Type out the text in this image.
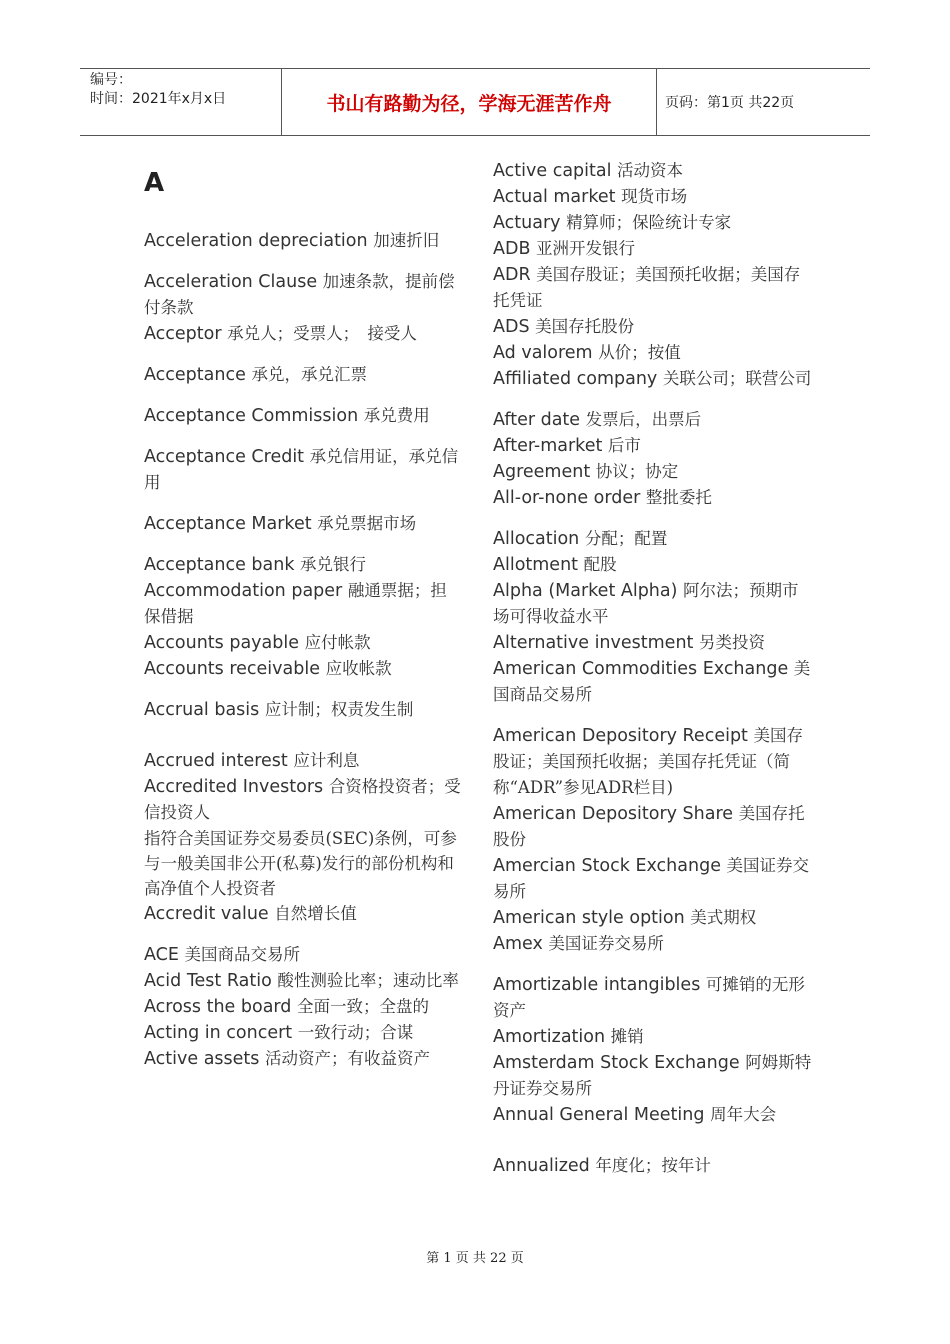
编号：
时间：2021年x月x日	书山有路勤为径，学海无涯苦作舟	页码：第1页 共22页
A

Acceleration depreciation 加速折旧

Acceleration Clause 加速条款，提前偿付条款

Acceptor 承兑人；受票人；　接受人

Acceptance 承兑，承兑汇票

Acceptance Commission 承兑费用

Acceptance Credit 承兑信用证，承兑信用

Acceptance Market 承兑票据市场

Acceptance bank 承兑银行

Accommodation paper 融通票据；担保借据

Accounts payable 应付帐款

Accounts receivable 应收帐款

Accrual basis 应计制；权责发生制

Accrued interest 应计利息

Accredited Investors 合资格投资者；受信投资人

指符合美国证券交易委员(SEC)条例，可参与一般美国非公开(私募)发行的部份机构和高净值个人投资者

Accredit value 自然增长值

ACE 美国商品交易所

Acid Test Ratio 酸性测验比率；速动比率

Across the board 全面一致；全盘的

Acting in concert 一致行动；合谋

Active assets 活动资产；有收益资产

Active capital 活动资本

Actual market 现货市场

Actuary 精算师；保险统计专家

ADB 亚洲开发银行

ADR 美国存股证；美国预托收据；美国存托凭证

ADS 美国存托股份

Ad valorem 从价；按值

Affiliated company 关联公司；联营公司

After date 发票后，出票后

After-market 后市

Agreement 协议；协定

All-or-none order 整批委托

Allocation 分配；配置

Allotment 配股

Alpha (Market Alpha) 阿尔法；预期市场可得收益水平

Alternative investment 另类投资

American Commodities Exchange 美国商品交易所

American Depository Receipt 美国存股证；美国预托收据；美国存托凭证（简称“ADR”参见ADR栏目)

American Depository Share 美国存托股份

Amercian Stock Exchange 美国证券交易所

American style option 美式期权

Amex 美国证券交易所

Amortizable intangibles 可摊销的无形资产

Amortization 摊销

Amsterdam Stock Exchange 阿姆斯特丹证券交易所

Annual General Meeting 周年大会

Annualized 年度化；按年计

第 1 页 共 22 页
